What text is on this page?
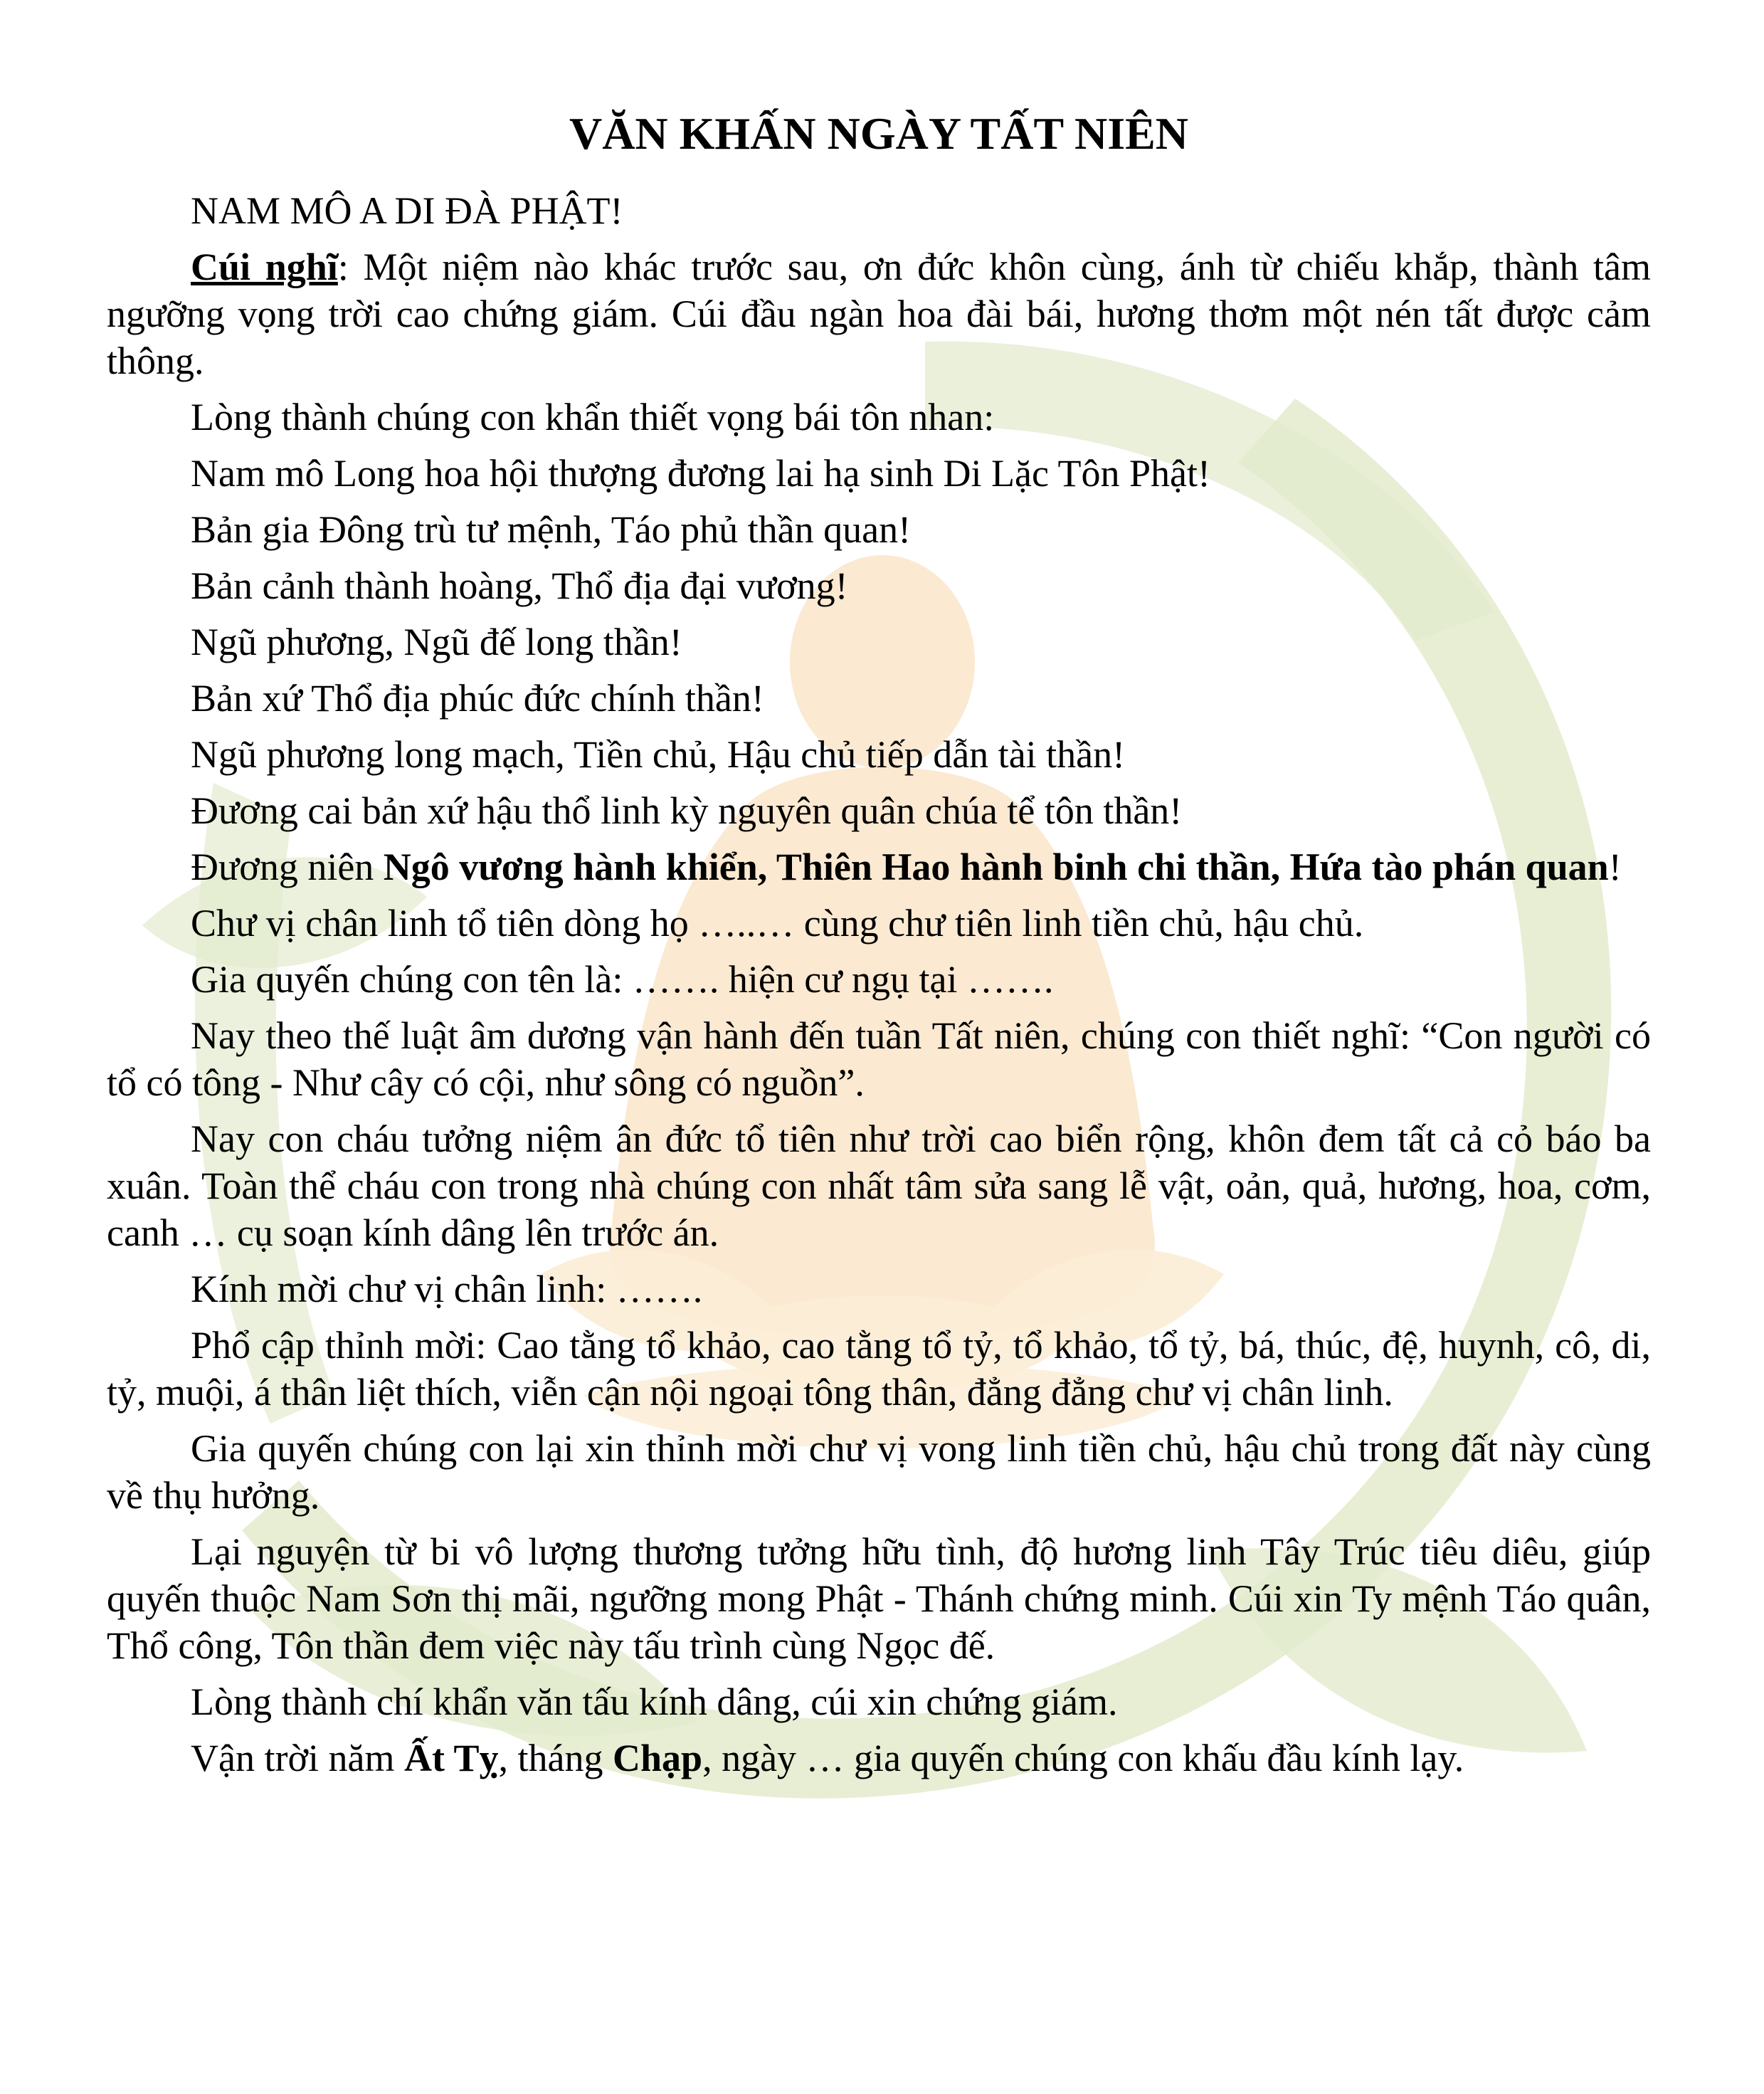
VĂN KHẤN NGÀY TẤT NIÊN

NAM MÔ A DI ĐÀ PHẬT!

Cúi nghĩ: Một niệm nào khác trước sau, ơn đức khôn cùng, ánh từ chiếu khắp, thành tâm ngưỡng vọng trời cao chứng giám. Cúi đầu ngàn hoa đài bái, hương thơm một nén tất được cảm thông.

Lòng thành chúng con khẩn thiết vọng bái tôn nhan:

Nam mô Long hoa hội thượng đương lai hạ sinh Di Lặc Tôn Phật!

Bản gia Đông trù tư mệnh, Táo phủ thần quan!

Bản cảnh thành hoàng, Thổ địa đại vương!

Ngũ phương, Ngũ đế long thần!

Bản xứ Thổ địa phúc đức chính thần!

Ngũ phương long mạch, Tiền chủ, Hậu chủ tiếp dẫn tài thần!

Đương cai bản xứ hậu thổ linh kỳ nguyên quân chúa tể tôn thần!

Đương niên Ngô vương hành khiển, Thiên Hao hành binh chi thần, Hứa tào phán quan!

Chư vị chân linh tổ tiên dòng họ …..… cùng chư tiên linh tiền chủ, hậu chủ.

Gia quyến chúng con tên là: ……. hiện cư ngụ tại …….

Nay theo thế luật âm dương vận hành đến tuần Tất niên, chúng con thiết nghĩ: “Con người có tổ có tông - Như cây có cội, như sông có nguồn”.

Nay con cháu tưởng niệm ân đức tổ tiên như trời cao biển rộng, khôn đem tất cả cỏ báo ba xuân. Toàn thể cháu con trong nhà chúng con nhất tâm sửa sang lễ vật, oản, quả, hương, hoa, cơm, canh … cụ soạn kính dâng lên trước án.

Kính mời chư vị chân linh: …….

Phổ cập thỉnh mời: Cao tằng tổ khảo, cao tằng tổ tỷ, tổ khảo, tổ tỷ, bá, thúc, đệ, huynh, cô, di, tỷ, muội, á thân liệt thích, viễn cận nội ngoại tông thân, đẳng đẳng chư vị chân linh.

Gia quyến chúng con lại xin thỉnh mời chư vị vong linh tiền chủ, hậu chủ trong đất này cùng về thụ hưởng.

Lại nguyện từ bi vô lượng thương tưởng hữu tình, độ hương linh Tây Trúc tiêu diêu, giúp quyến thuộc Nam Sơn thị mãi, ngưỡng mong Phật - Thánh chứng minh. Cúi xin Ty mệnh Táo quân, Thổ công, Tôn thần đem việc này tấu trình cùng Ngọc đế.

Lòng thành chí khẩn văn tấu kính dâng, cúi xin chứng giám.

Vận trời năm Ất Tỵ, tháng Chạp, ngày … gia quyến chúng con khấu đầu kính lạy.
